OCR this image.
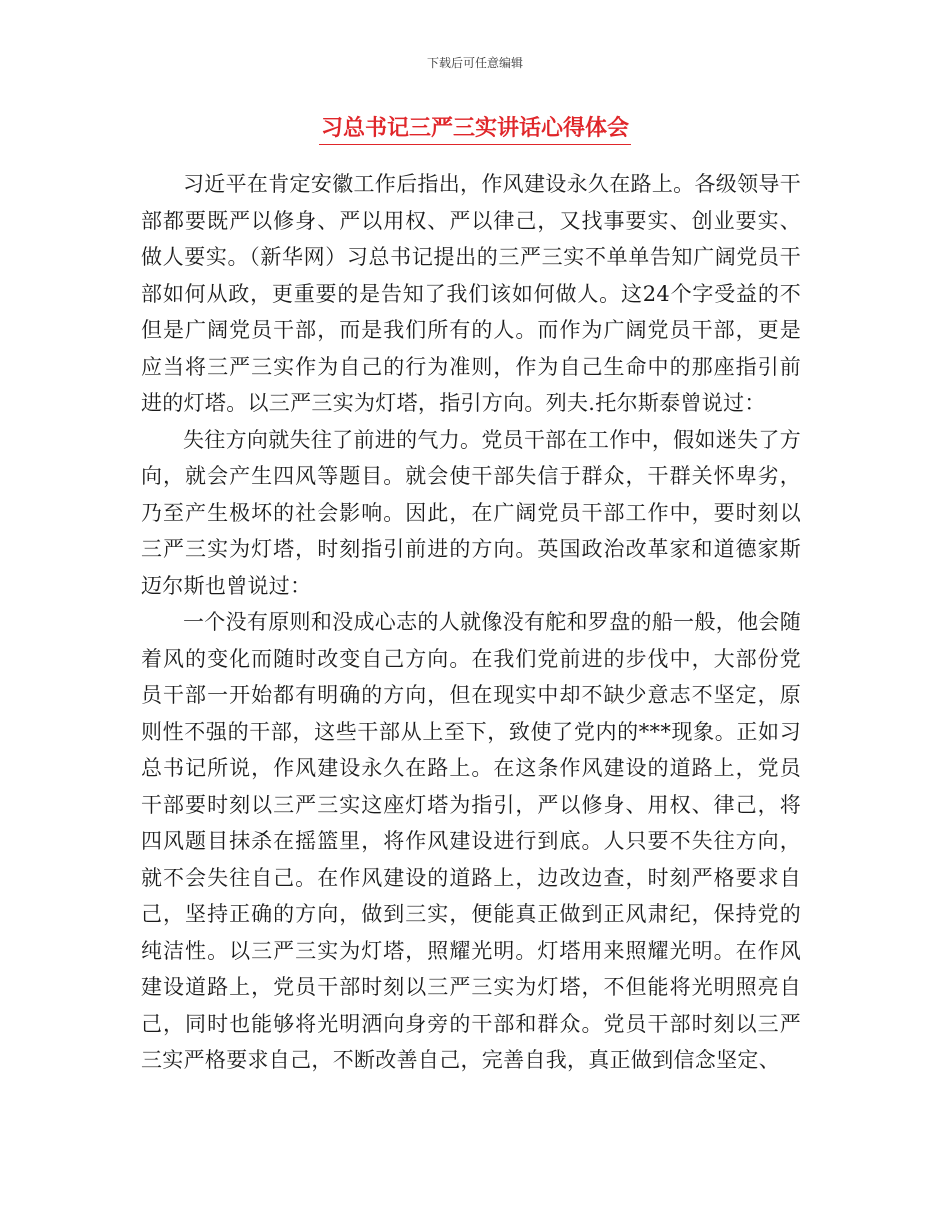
下载后可任意编辑
习总书记三严三实讲话心得体会

习近平在肯定安徽工作后指出，作风建设永久在路上。各级领导干部都要既严以修身、严以用权、严以律己，又找事要实、创业要实、做人要实。（新华网）习总书记提出的三严三实不单单告知广阔党员干部如何从政，更重要的是告知了我们该如何做人。这24个字受益的不但是广阔党员干部，而是我们所有的人。而作为广阔党员干部，更是应当将三严三实作为自己的行为准则，作为自己生命中的那座指引前进的灯塔。以三严三实为灯塔，指引方向。列夫.托尔斯泰曾说过：

失往方向就失往了前进的气力。党员干部在工作中，假如迷失了方向，就会产生四风等题目。就会使干部失信于群众，干群关怀卑劣，乃至产生极坏的社会影响。因此，在广阔党员干部工作中，要时刻以三严三实为灯塔，时刻指引前进的方向。英国政治改革家和道德家斯迈尔斯也曾说过：

一个没有原则和没成心志的人就像没有舵和罗盘的船一般，他会随着风的变化而随时改变自己方向。在我们党前进的步伐中，大部份党员干部一开始都有明确的方向，但在现实中却不缺少意志不坚定，原则性不强的干部，这些干部从上至下，致使了党内的***现象。正如习总书记所说，作风建设永久在路上。在这条作风建设的道路上，党员干部要时刻以三严三实这座灯塔为指引，严以修身、用权、律己，将四风题目抹杀在摇篮里，将作风建设进行到底。人只要不失往方向，就不会失往自己。在作风建设的道路上，边改边查，时刻严格要求自己，坚持正确的方向，做到三实，便能真正做到正风肃纪，保持党的纯洁性。以三严三实为灯塔，照耀光明。灯塔用来照耀光明。在作风建设道路上，党员干部时刻以三严三实为灯塔，不但能将光明照亮自己，同时也能够将光明洒向身旁的干部和群众。党员干部时刻以三严三实严格要求自己，不断改善自己，完善自我，真正做到信念坚定、
